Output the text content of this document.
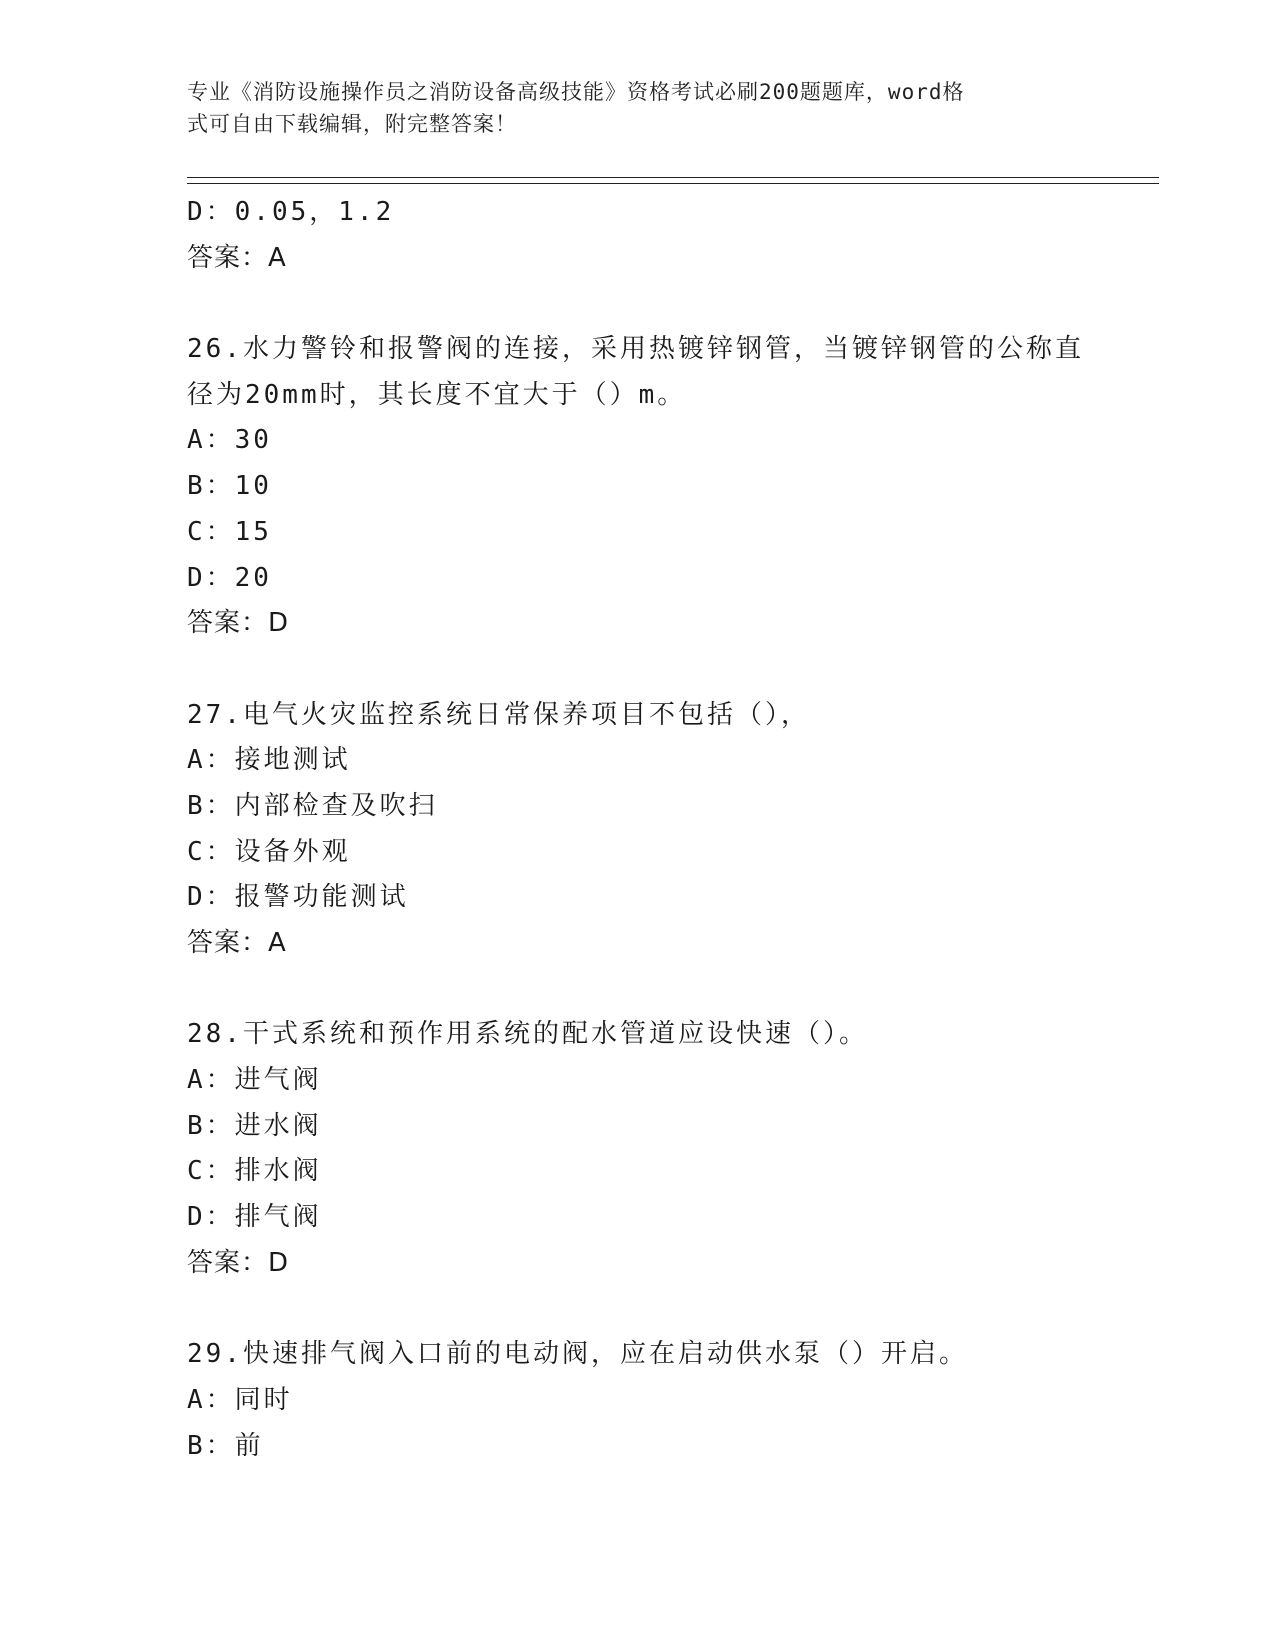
专业《消防设施操作员之消防设备高级技能》资格考试必刷200题题库，word格
式可自由下载编辑，附完整答案！
D：0.05，1.2
答案：A
26.水力警铃和报警阀的连接，采用热镀锌钢管，当镀锌钢管的公称直
径为20mm时，其长度不宜大于（）m。
A：30
B：10
C：15
D：20
答案：D
27.电气火灾监控系统日常保养项目不包括（），
A：接地测试
B：内部检查及吹扫
C：设备外观
D：报警功能测试
答案：A
28.干式系统和预作用系统的配水管道应设快速（）。
A：进气阀
B：进水阀
C：排水阀
D：排气阀
答案：D
29.快速排气阀入口前的电动阀，应在启动供水泵（）开启。
A：同时
B：前
